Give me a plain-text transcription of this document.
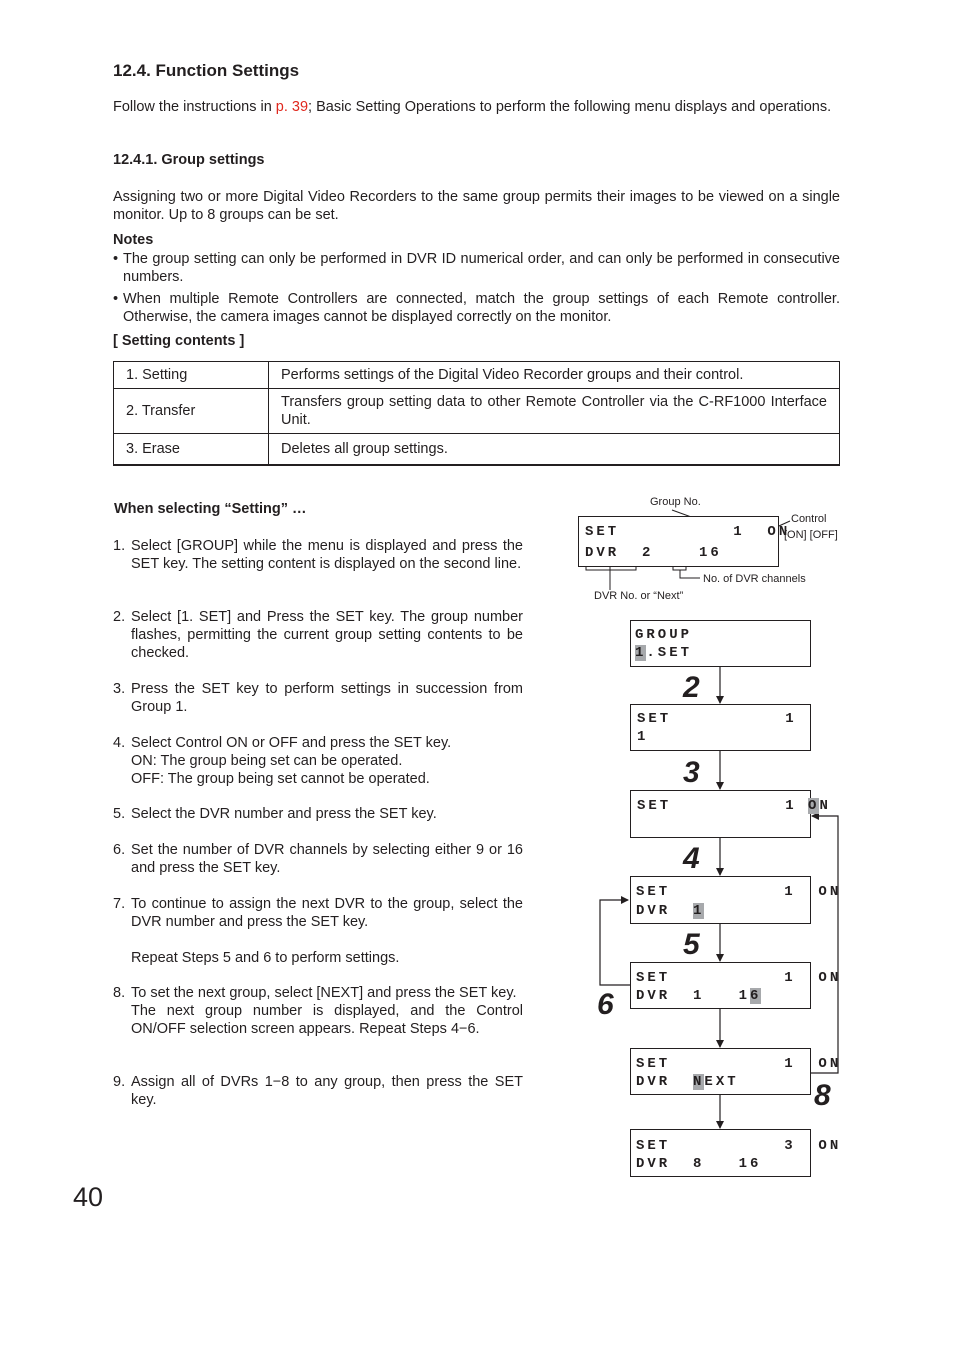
12.4. Function Settings
Follow the instructions in p. 39; Basic Setting Operations to perform the following menu displays and operations.
12.4.1. Group settings
Assigning two or more Digital Video Recorders to the same group permits their images to be viewed on a single monitor. Up to 8 groups can be set.
Notes
• The group setting can only be performed in DVR ID numerical order, and can only be performed in consecutive numbers.
• When multiple Remote Controllers are connected, match the group settings of each Remote controller. Otherwise, the camera images cannot be displayed correctly on the monitor.
[ Setting contents ]
1. Setting	Performs settings of the Digital Video Recorder groups and their control.
2. Transfer	Transfers group setting data to other Remote Controller via the C-RF1000 Interface Unit.
3. Erase	Deletes all group settings.
When selecting “Setting” …
1. Select [GROUP] while the menu is displayed and press the SET key. The setting content is displayed on the second line.
2. Select [1. SET] and Press the SET key. The group number flashes, permitting the current group setting contents to be checked.
3. Press the SET key to perform settings in succession from Group 1.
4. Select Control ON or OFF and press the SET key.
ON: The group being set can be operated.
OFF: The group being set cannot be operated.
5. Select the DVR number and press the SET key.
6. Set the number of DVR channels by selecting either 9 or 16 and press the SET key.
7. To continue to assign the next DVR to the group, select the DVR number and press the SET key.
Repeat Steps 5 and 6 to perform settings.
8. To set the next group, select [NEXT] and press the SET key.
The next group number is displayed, and the Control ON/OFF selection screen appears. Repeat Steps 4−6.
9. Assign all of DVRs 1−8 to any group, then press the SET key.
Group No.
Control
[ON] [OFF]
No. of DVR channels
DVR No. or “Next”
SET          1  ON
DVR  2    16
GROUP
1.SET
SET          1
1
SET          1 ON
SET          1  ON
DVR  1
SET          1  ON
DVR  1   16
SET          1  ON
DVR  NEXT
SET          3  ON
DVR  8   16
2
3
4
5
6
8
40
